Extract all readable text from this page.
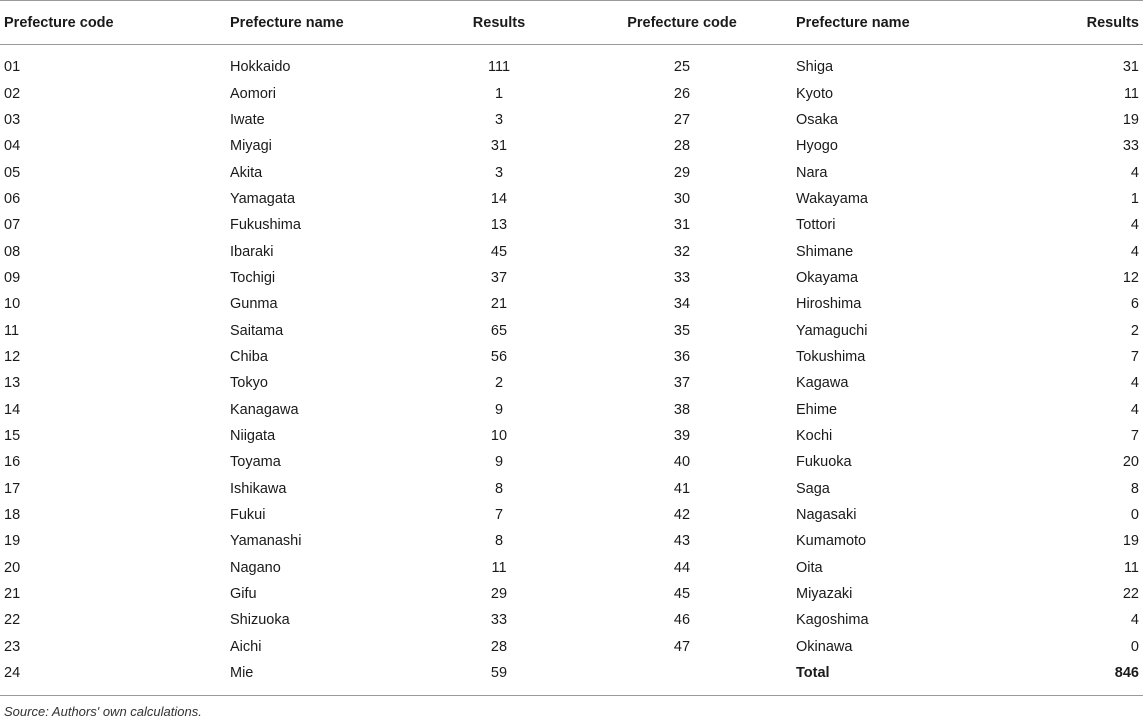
Prefecture code	Prefecture name	Results	Prefecture code	Prefecture name	Results
01	Hokkaido	111	25	Shiga	31
02	Aomori	1	26	Kyoto	11
03	Iwate	3	27	Osaka	19
04	Miyagi	31	28	Hyogo	33
05	Akita	3	29	Nara	4
06	Yamagata	14	30	Wakayama	1
07	Fukushima	13	31	Tottori	4
08	Ibaraki	45	32	Shimane	4
09	Tochigi	37	33	Okayama	12
10	Gunma	21	34	Hiroshima	6
11	Saitama	65	35	Yamaguchi	2
12	Chiba	56	36	Tokushima	7
13	Tokyo	2	37	Kagawa	4
14	Kanagawa	9	38	Ehime	4
15	Niigata	10	39	Kochi	7
16	Toyama	9	40	Fukuoka	20
17	Ishikawa	8	41	Saga	8
18	Fukui	7	42	Nagasaki	0
19	Yamanashi	8	43	Kumamoto	19
20	Nagano	11	44	Oita	11
21	Gifu	29	45	Miyazaki	22
22	Shizuoka	33	46	Kagoshima	4
23	Aichi	28	47	Okinawa	0
24	Mie	59		Total	846
Source: Authors' own calculations.
